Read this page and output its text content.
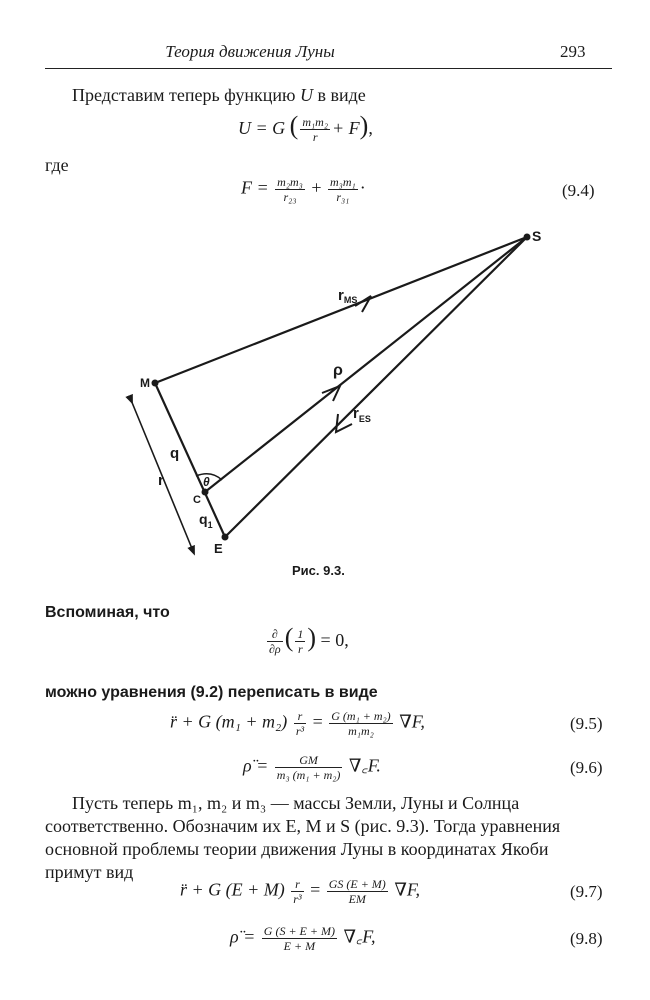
Теория движения Луны	293
Представим теперь функцию U в виде
U = G ( $\frac{\text{m₁m₂}}{r} + F$),
где
$F = \frac{\text{m₂m₃}}{\text{r₂₃}} + \frac{\text{m₃m₁}}{\text{r₃₁}}$ ·	(9.4)
S
M
C
E
$r_{MS}$
ρ
$r_{ES}$
q
$q_1$
r	θ
Рис. 9.3.
Вспоминая, что
$\frac{\partial}{\partial\rho}$ ( $\frac{1}{r}$ ) = 0,
можно уравнения (9.2) переписать в виде
r̈ + G $(m_1 + m_2) \frac{r}{\text{r³}} = \frac{\text{G (m₁ + m₂)}}{\text{m₁m₂}} \nabla F$,	(9.5)
ρ̈ = $\frac{GM}{\text{m₃ (m₁ + m₂)}}$ ∇꜀F.	(9.6)
Пусть теперь m₁, m₂ и m₃ — массы Земли, Луны и Солнца
соответственно. Обозначим их E, M и S (рис. 9.3). Тогда уравнения
основной проблемы теории движения Луны в координатах Якоби
примут вид
r̈ + G $(E + M) \frac{r}{\text{r³}} = \frac{GS (E + M)}{EM} \nabla F$,	(9.7)
ρ̈ = $\frac{G (S + E + M)}{E + M}$ ∇꜀F,	(9.8)
